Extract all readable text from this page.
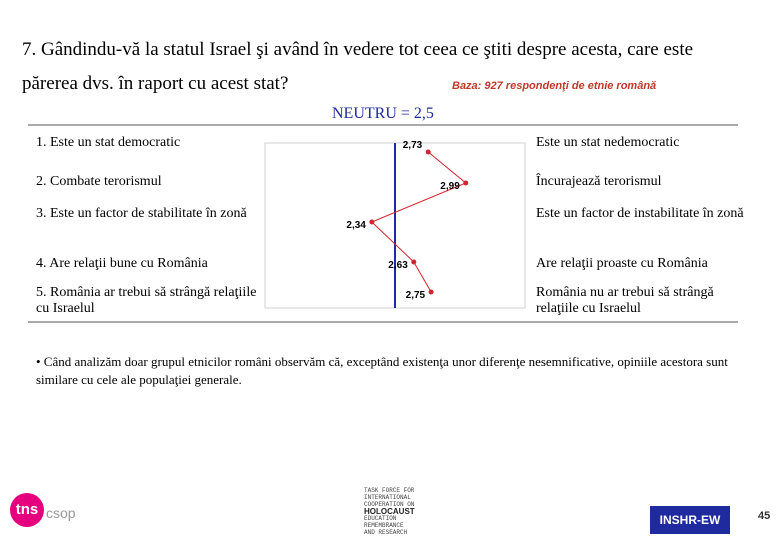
7. Gândindu-vă la statul Israel şi având în vedere tot ceea ce ştiti despre acesta, care este
părerea dvs. în raport cu acest stat?	Baza: 927 respondenţi de etnie română
NEUTRU = 2,5
1. Este un stat democratic
2. Combate terorismul
3. Este un factor de stabilitate în zonă
4. Are relaţii bune cu România
5. România ar trebui să strângă relaţiile cu Israelul
Este un stat nedemocratic
Încurajează terorismul
Este un factor de instabilitate în zonă
Are relaţii proaste cu România
România nu ar trebui să strângă relaţiile cu Israelul
2,73
2,99
2,34
2,63
2,75
• Când analizăm doar grupul etnicilor români observăm că, exceptând existenţa unor diferenţe nesemnificative, opiniile acestora sunt similare cu cele ale populaţiei generale.
tns csop
TASK FORCE FOR
INTERNATIONAL
COOPERATION ON
HOLOCAUST
EDUCATION
REMEMBRANCE
AND RESEARCH
INSHR-EW	45
